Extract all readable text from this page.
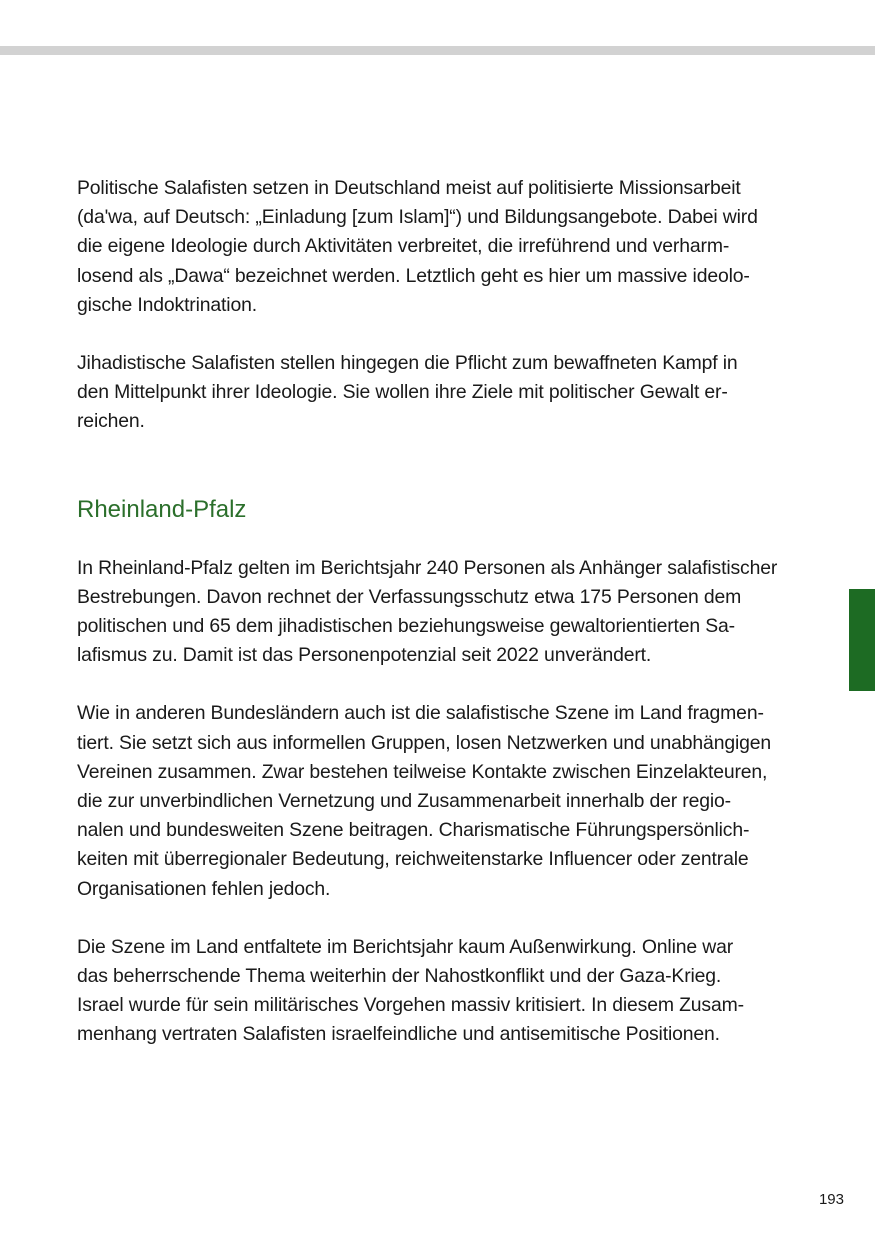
Politische Salafisten setzen in Deutschland meist auf politisierte Missionsarbeit
(da'wa, auf Deutsch: „Einladung [zum Islam]“) und Bildungsangebote. Dabei wird
die eigene Ideologie durch Aktivitäten verbreitet, die irreführend und verharm-
losend als „Dawa“ bezeichnet werden. Letztlich geht es hier um massive ideolo-
gische Indoktrination.

Jihadistische Salafisten stellen hingegen die Pflicht zum bewaffneten Kampf in
den Mittelpunkt ihrer Ideologie. Sie wollen ihre Ziele mit politischer Gewalt er-
reichen.

Rheinland-Pfalz

In Rheinland-Pfalz gelten im Berichtsjahr 240 Personen als Anhänger salafistischer
Bestrebungen. Davon rechnet der Verfassungsschutz etwa 175 Personen dem
politischen und 65 dem jihadistischen beziehungsweise gewaltorientierten Sa-
lafismus zu. Damit ist das Personenpotenzial seit 2022 unverändert.

Wie in anderen Bundesländern auch ist die salafistische Szene im Land fragmen-
tiert. Sie setzt sich aus informellen Gruppen, losen Netzwerken und unabhängigen
Vereinen zusammen. Zwar bestehen teilweise Kontakte zwischen Einzelakteuren,
die zur unverbindlichen Vernetzung und Zusammenarbeit innerhalb der regio-
nalen und bundesweiten Szene beitragen. Charismatische Führungspersönlich-
keiten mit überregionaler Bedeutung, reichweitenstarke Influencer oder zentrale
Organisationen fehlen jedoch.

Die Szene im Land entfaltete im Berichtsjahr kaum Außenwirkung. Online war
das beherrschende Thema weiterhin der Nahostkonflikt und der Gaza-Krieg.
Israel wurde für sein militärisches Vorgehen massiv kritisiert. In diesem Zusam-
menhang vertraten Salafisten israelfeindliche und antisemitische Positionen.

193
